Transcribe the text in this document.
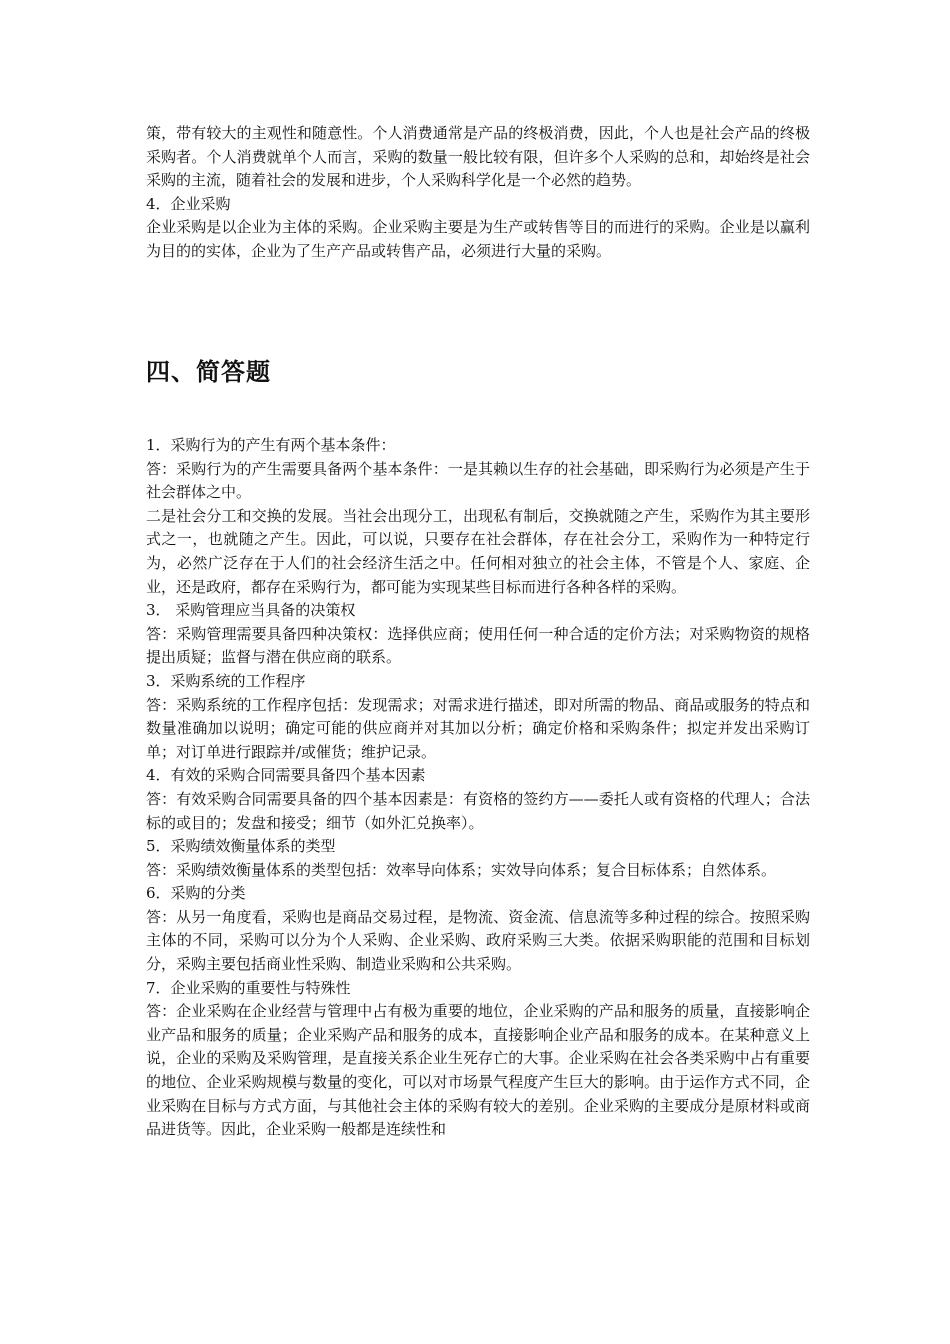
策，带有较大的主观性和随意性。个人消费通常是产品的终极消费，因此，个人也是社会产品的终极采购者。个人消费就单个人而言，采购的数量一般比较有限，但许多个人采购的总和，却始终是社会采购的主流，随着社会的发展和进步，个人采购科学化是一个必然的趋势。

4．企业采购

企业采购是以企业为主体的采购。企业采购主要是为生产或转售等目的而进行的采购。企业是以赢利为目的的实体，企业为了生产产品或转售产品，必须进行大量的采购。

四、简答题

1．采购行为的产生有两个基本条件：

答：采购行为的产生需要具备两个基本条件：一是其赖以生存的社会基础，即采购行为必须是产生于社会群体之中。

二是社会分工和交换的发展。当社会出现分工，出现私有制后，交换就随之产生，采购作为其主要形式之一，也就随之产生。因此，可以说，只要存在社会群体，存在社会分工，采购作为一种特定行为，必然广泛存在于人们的社会经济生活之中。任何相对独立的社会主体，不管是个人、家庭、企业，还是政府，都存在采购行为，都可能为实现某些目标而进行各种各样的采购。

3． 采购管理应当具备的决策权

答：采购管理需要具备四种决策权：选择供应商；使用任何一种合适的定价方法；对采购物资的规格提出质疑；监督与潜在供应商的联系。

3．采购系统的工作程序

答：采购系统的工作程序包括：发现需求；对需求进行描述，即对所需的物品、商品或服务的特点和数量准确加以说明；确定可能的供应商并对其加以分析；确定价格和采购条件；拟定并发出采购订单；对订单进行跟踪并/或催货；维护记录。

4．有效的采购合同需要具备四个基本因素

答：有效采购合同需要具备的四个基本因素是：有资格的签约方——委托人或有资格的代理人；合法标的或目的；发盘和接受；细节（如外汇兑换率）。

5．采购绩效衡量体系的类型

答：采购绩效衡量体系的类型包括：效率导向体系；实效导向体系；复合目标体系；自然体系。

6．采购的分类

答：从另一角度看，采购也是商品交易过程，是物流、资金流、信息流等多种过程的综合。按照采购主体的不同，采购可以分为个人采购、企业采购、政府采购三大类。依据采购职能的范围和目标划分，采购主要包括商业性采购、制造业采购和公共采购。

7．企业采购的重要性与特殊性

答：企业采购在企业经营与管理中占有极为重要的地位，企业采购的产品和服务的质量，直接影响企业产品和服务的质量；企业采购产品和服务的成本，直接影响企业产品和服务的成本。在某种意义上说，企业的采购及采购管理，是直接关系企业生死存亡的大事。企业采购在社会各类采购中占有重要的地位、企业采购规模与数量的变化，可以对市场景气程度产生巨大的影响。由于运作方式不同，企业采购在目标与方式方面，与其他社会主体的采购有较大的差别。企业采购的主要成分是原材料或商品进货等。因此，企业采购一般都是连续性和
